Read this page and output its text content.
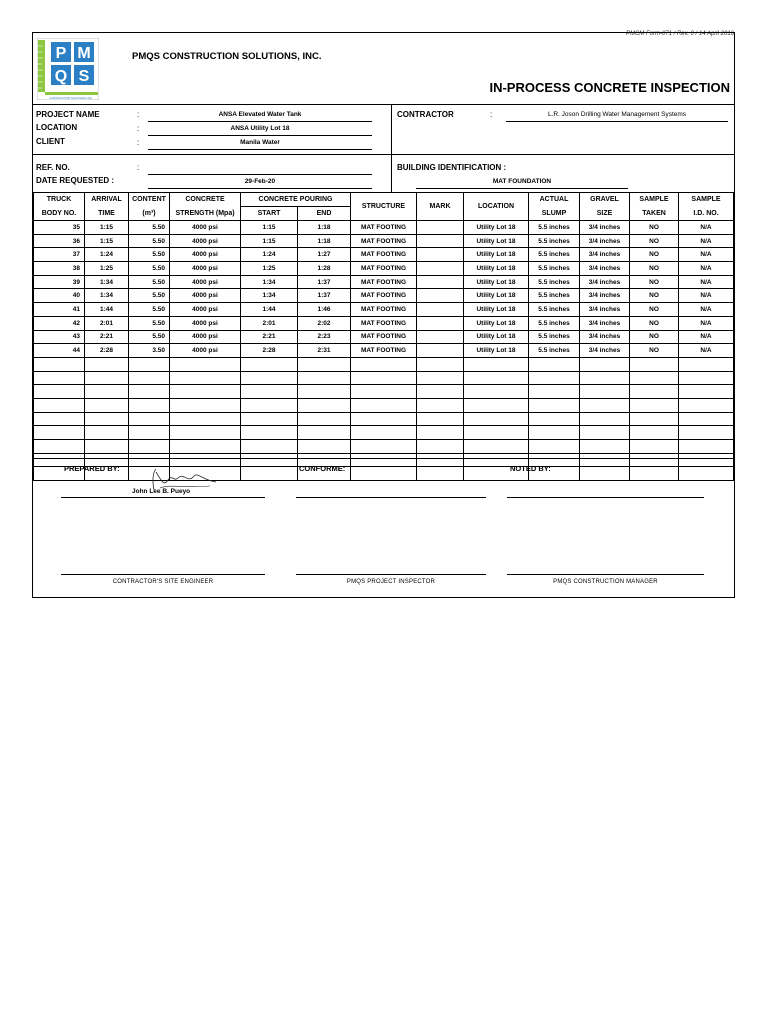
PMCM Form-071 / Rev. 0 / 14 April 2016
P M
Q S
CONSTRUCTION SOLUTIONS, INC.
PMQS CONSTRUCTION SOLUTIONS, INC.
IN-PROCESS CONCRETE INSPECTION
PROJECT NAME	:	ANSA Elevated Water Tank
LOCATION	:	ANSA Utility Lot 18
CLIENT	:	Manila Water
CONTRACTOR	:	L.R. Joson Drilling Water Management Systems
REF. NO.	:
DATE REQUESTED :	29-Feb-20
BUILDING IDENTIFICATION :
MAT FOUNDATION
TRUCK	ARRIVAL	CONTENT	CONCRETE	CONCRETE POURING		STRUCTURE	MARK	LOCATION	ACTUAL	GRAVEL	SAMPLE	SAMPLE
BODY NO.	TIME	(m³)	STRENGTH (Mpa)	START	END				SLUMP	SIZE	TAKEN	I.D. NO.
35	1:15	5.50	4000 psi	1:15	1:18	MAT FOOTING		Utility Lot 18	5.5 inches	3/4 inches	NO	N/A
36	1:15	5.50	4000 psi	1:15	1:18	MAT FOOTING		Utility Lot 18	5.5 inches	3/4 inches	NO	N/A
37	1:24	5.50	4000 psi	1:24	1:27	MAT FOOTING		Utility Lot 18	5.5 inches	3/4 inches	NO	N/A
38	1:25	5.50	4000 psi	1:25	1:28	MAT FOOTING		Utility Lot 18	5.5 inches	3/4 inches	NO	N/A
39	1:34	5.50	4000 psi	1:34	1:37	MAT FOOTING		Utility Lot 18	5.5 inches	3/4 inches	NO	N/A
40	1:34	5.50	4000 psi	1:34	1:37	MAT FOOTING		Utility Lot 18	5.5 inches	3/4 inches	NO	N/A
41	1:44	5.50	4000 psi	1:44	1:46	MAT FOOTING		Utility Lot 18	5.5 inches	3/4 inches	NO	N/A
42	2:01	5.50	4000 psi	2:01	2:02	MAT FOOTING		Utility Lot 18	5.5 inches	3/4 inches	NO	N/A
43	2:21	5.50	4000 psi	2:21	2:23	MAT FOOTING		Utility Lot 18	5.5 inches	3/4 inches	NO	N/A
44	2:28	3.50	4000 psi	2:28	2:31	MAT FOOTING		Utility Lot 18	5.5 inches	3/4 inches	NO	N/A

PREPARED BY:	CONFORME:	NOTED BY:
John Lee B. Pueyo
CONTRACTOR'S SITE ENGINEER	PMQS PROJECT INSPECTOR	PMQS CONSTRUCTION MANAGER
